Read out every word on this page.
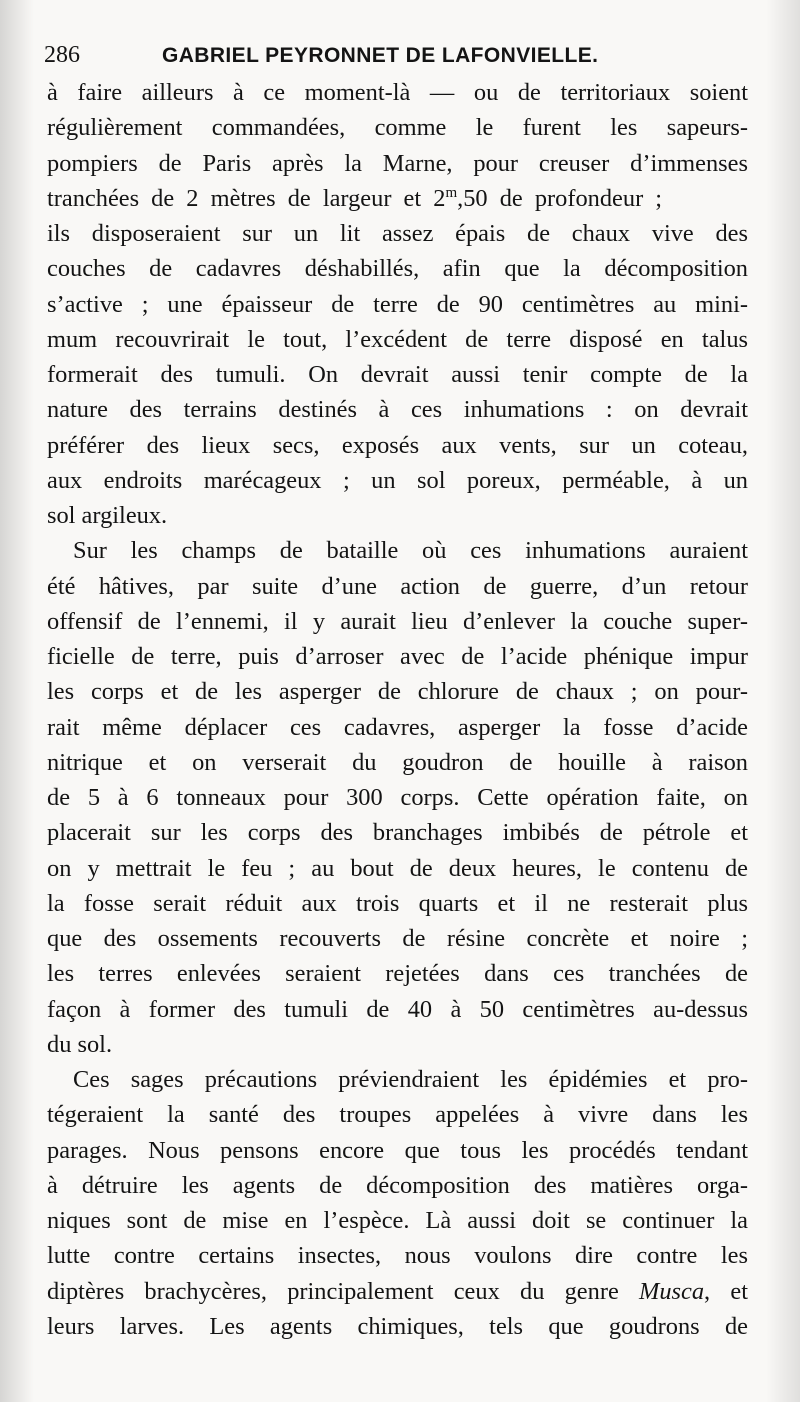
286	GABRIEL PEYRONNET DE LAFONVIELLE.
à faire ailleurs à ce moment-là — ou de territoriaux soient
régulièrement commandées, comme le furent les sapeurs-
pompiers de Paris après la Marne, pour creuser d’immenses
tranchées de 2 mètres de largeur et 2$^m$,50 de profondeur ;
ils disposeraient sur un lit assez épais de chaux vive des
couches de cadavres déshabillés, afin que la décomposition
s’active ; une épaisseur de terre de 90 centimètres au mini-
mum recouvrirait le tout, l’excédent de terre disposé en talus
formerait des tumuli. On devrait aussi tenir compte de la
nature des terrains destinés à ces inhumations : on devrait
préférer des lieux secs, exposés aux vents, sur un coteau,
aux endroits marécageux ; un sol poreux, perméable, à un
sol argileux.
Sur les champs de bataille où ces inhumations auraient
été hâtives, par suite d’une action de guerre, d’un retour
offensif de l’ennemi, il y aurait lieu d’enlever la couche super-
ficielle de terre, puis d’arroser avec de l’acide phénique impur
les corps et de les asperger de chlorure de chaux ; on pour-
rait même déplacer ces cadavres, asperger la fosse d’acide
nitrique et on verserait du goudron de houille à raison
de 5 à 6 tonneaux pour 300 corps. Cette opération faite, on
placerait sur les corps des branchages imbibés de pétrole et
on y mettrait le feu ; au bout de deux heures, le contenu de
la fosse serait réduit aux trois quarts et il ne resterait plus
que des ossements recouverts de résine concrète et noire ;
les terres enlevées seraient rejetées dans ces tranchées de
façon à former des tumuli de 40 à 50 centimètres au-dessus
du sol.
Ces sages précautions préviendraient les épidémies et pro-
tégeraient la santé des troupes appelées à vivre dans les
parages. Nous pensons encore que tous les procédés tendant
à détruire les agents de décomposition des matières orga-
niques sont de mise en l’espèce. Là aussi doit se continuer la
lutte contre certains insectes, nous voulons dire contre les
diptères brachycères, principalement ceux du genre Musca, et
leurs larves. Les agents chimiques, tels que goudrons de
